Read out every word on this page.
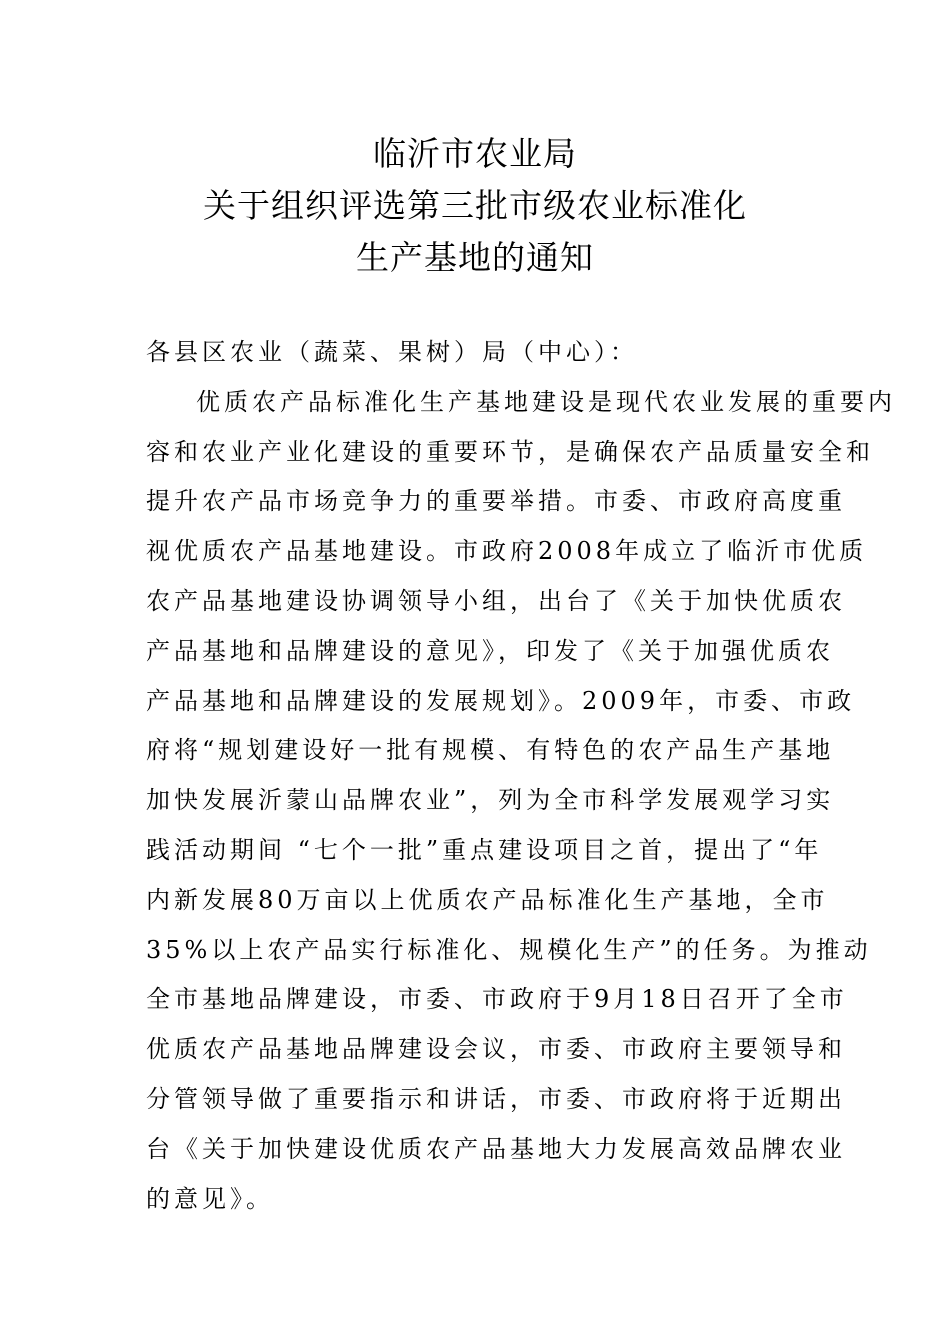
临沂市农业局
关于组织评选第三批市级农业标准化
生产基地的通知
各县区农业（蔬菜、果树）局（中心）：
优质农产品标准化生产基地建设是现代农业发展的重要内
容和农业产业化建设的重要环节，是确保农产品质量安全和
提升农产品市场竞争力的重要举措。市委、市政府高度重
视优质农产品基地建设。市政府2008年成立了临沂市优质
农产品基地建设协调领导小组，出台了《关于加快优质农
产品基地和品牌建设的意见》，印发了《关于加强优质农
产品基地和品牌建设的发展规划》。2009年，市委、市政
府将“规划建设好一批有规模、有特色的农产品生产基地
加快发展沂蒙山品牌农业”，列为全市科学发展观学习实
践活动期间 “七个一批”重点建设项目之首，提出了“年
内新发展80万亩以上优质农产品标准化生产基地，全市
35%以上农产品实行标准化、规模化生产”的任务。为推动
全市基地品牌建设，市委、市政府于9月18日召开了全市
优质农产品基地品牌建设会议，市委、市政府主要领导和
分管领导做了重要指示和讲话，市委、市政府将于近期出
台《关于加快建设优质农产品基地大力发展高效品牌农业
的意见》。
